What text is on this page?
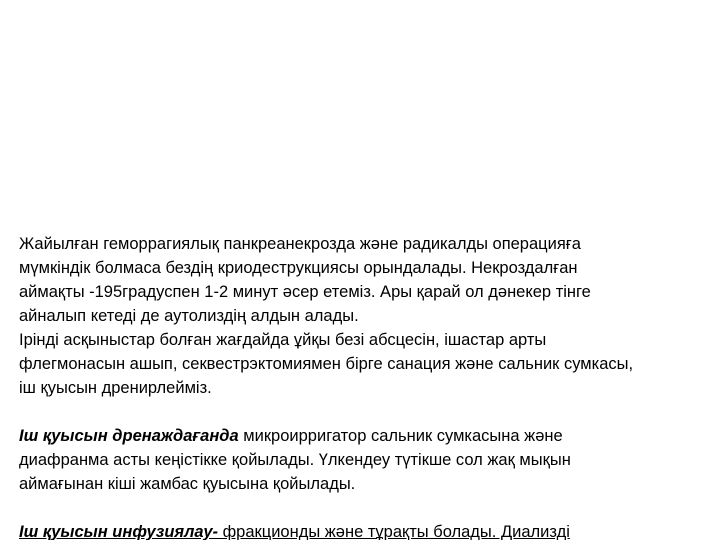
Жайылған геморрагиялық панкреанекрозда және радикалды операцияға

мүмкіндік болмаса бездің криодеструкциясы орындалады. Некроздалған

аймақты -195градуспен 1-2 минут әсер етеміз. Ары қарай ол дәнекер тінге

айналып кетеді де аутолиздің алдын алады.

Ірінді асқыныстар болған жағдайда ұйқы безі абсцесін, ішастар арты

флегмонасын ашып, секвестрэктомиямен бірге санация және сальник сумкасы,

іш қуысын дренирлейміз.

Іш қуысын дренаждағанда микроирригатор сальник сумкасына және

диафранма асты кеңістікке қойылады. Үлкендеу түтікше сол жақ мықын

аймағынан кіші жамбас қуысына қойылады.

Іш қуысын инфузиялау- фракционды және тұрақты болады. Диализді
